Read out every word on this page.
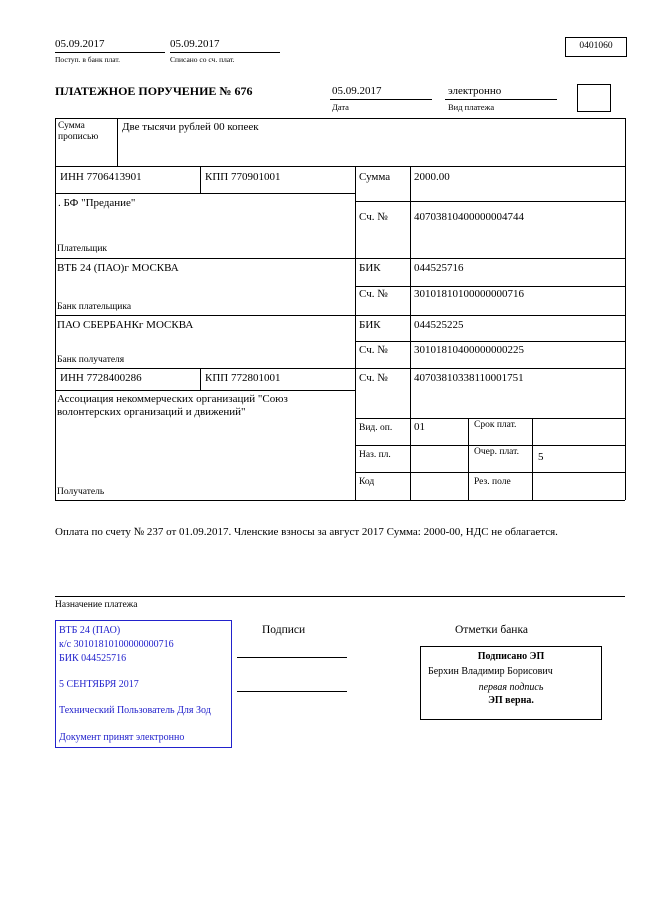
05.09.2017
Поступ. в банк плат.
05.09.2017
Списано со сч. плат.
0401060
ПЛАТЕЖНОЕ ПОРУЧЕНИЕ № 676	05.09.2017
Дата
электронно
Вид платежа
Сумма прописью
Две тысячи рублей 00 копеек
ИНН 7706413901	КПП 770901001	Сумма 2000.00
. БФ "Предание"
Сч. № 40703810400000004744
Плательщик
ВТБ 24 (ПАО)г МОСКВА	БИК	044525716
Сч. № 30101810100000000716
Банк плательщика
ПАО СБЕРБАНКг МОСКВА	БИК	044525225
Сч. № 30101810400000000225
Банк получателя
ИНН 7728400286	КПП 772801001	Сч. № 40703810338110001751
Ассоциация некоммерческих организаций "Союз волонтерских организаций и движений"
Вид. оп. 01	Срок плат.
Наз. пл.	Очер. плат. 5
Код	Рез. поле
Получатель
Оплата по счету № 237 от 01.09.2017. Членские взносы за август 2017 Сумма: 2000-00, НДС не облагается.
Назначение платежа
ВТБ 24 (ПАО)
к/с 30101810100000000716
БИК 044525716
5 СЕНТЯБРЯ 2017
Технический Пользователь Для Зод
Документ принят электронно
Подписи	Отметки банка
Подписано ЭП
Берхин Владимир Борисович
первая подпись
ЭП верна.
